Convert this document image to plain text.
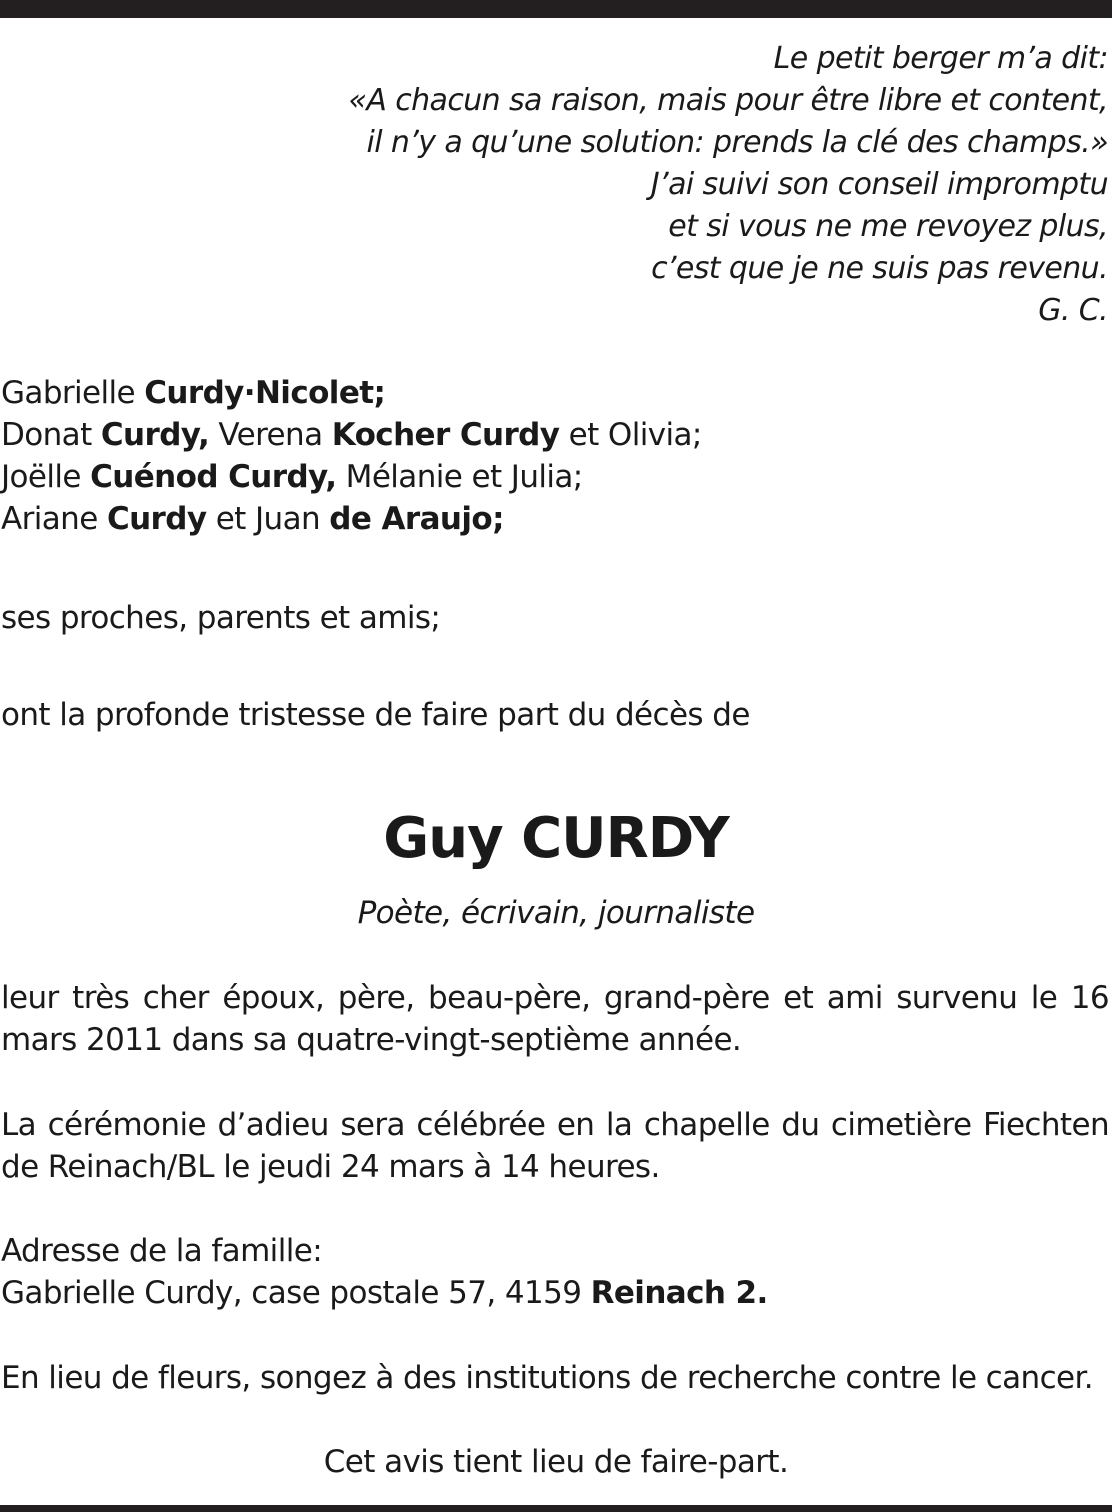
Le petit berger m’a dit:
«A chacun sa raison, mais pour être libre et content,
il n’y a qu’une solution: prends la clé des champs.»
J’ai suivi son conseil impromptu
et si vous ne me revoyez plus,
c’est que je ne suis pas revenu.
G. C.
Gabrielle Curdy·Nicolet;
Donat Curdy, Verena Kocher Curdy et Olivia;
Joëlle Cuénod Curdy, Mélanie et Julia;
Ariane Curdy et Juan de Araujo;
ses proches, parents et amis;
ont la profonde tristesse de faire part du décès de
Guy CURDY
Poète, écrivain, journaliste
leur très cher époux, père, beau-père, grand-père et ami survenu le 16 mars 2011 dans sa quatre-vingt-septième année.
La cérémonie d’adieu sera célébrée en la chapelle du cimetière Fiechten de Reinach/BL le jeudi 24 mars à 14 heures.
Adresse de la famille:
Gabrielle Curdy, case postale 57, 4159 Reinach 2.
En lieu de fleurs, songez à des institutions de recherche contre le cancer.
Cet avis tient lieu de faire-part.
